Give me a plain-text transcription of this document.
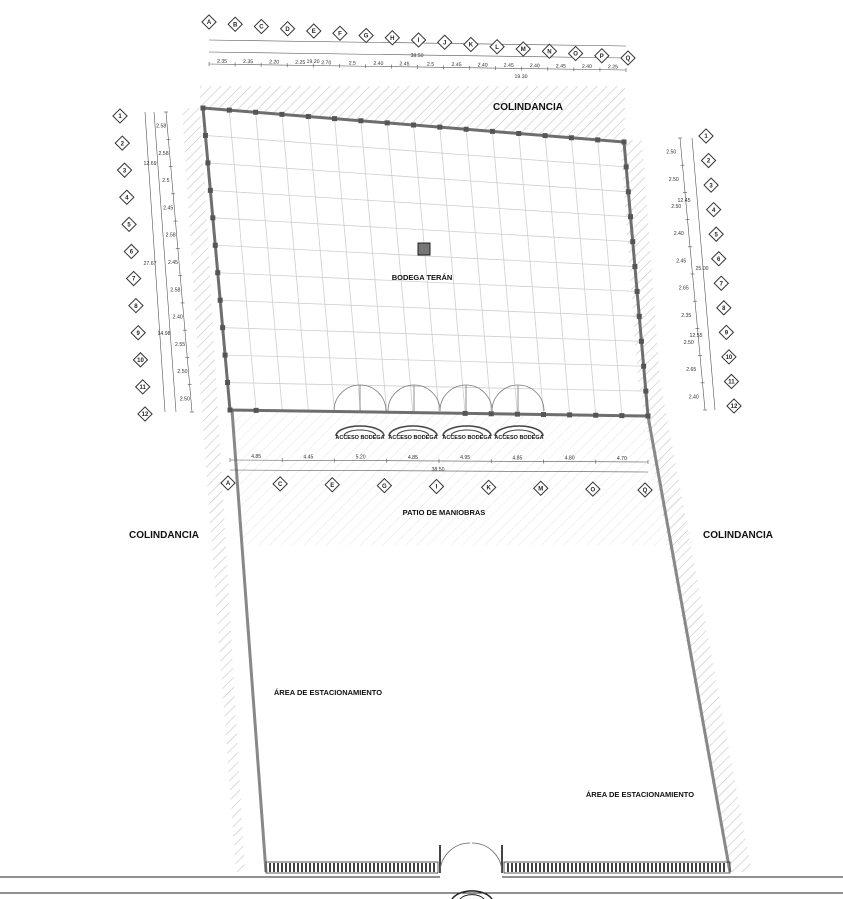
2.35	2.35	2.20	2.25	2.70	2.5	2.40	2.45	2.5	2.45	2.40	2.45	2.40	2.45	2.40	2.25
38.50
19.20
19.30
2.58
2.58
2.5
2.45
2.58
2.45
2.58
2.40
2.55
2.50
2.50
12.69
27.67
14.98
2.50
2.50
2.50
2.40
2.45
2.65
2.35
2.50
2.65
2.40
12.45
25.00
12.55
4.85	4.45	5.20	4.85	4.95	4.85	4.80	4.70
38.50
A	B	C	D	E	F	G	H	I	J	K	L	M	N	O	P	Q
1
2
3
4
5
6
7
8
9
10
11
12
1
2
3
4
5
6
7
8
9
10
11
12
A	C	E	G	I	K	M	O	Q
ACCESO BODEGA ACCESO BODEGA ACCESO BODEGA ACCESO BODEGA
COLINDANCIA
COLINDANCIA	COLINDANCIA
BODEGA TERÁN
PATIO DE MANIOBRAS
ÁREA DE ESTACIONAMIENTO
ÁREA DE ESTACIONAMIENTO
